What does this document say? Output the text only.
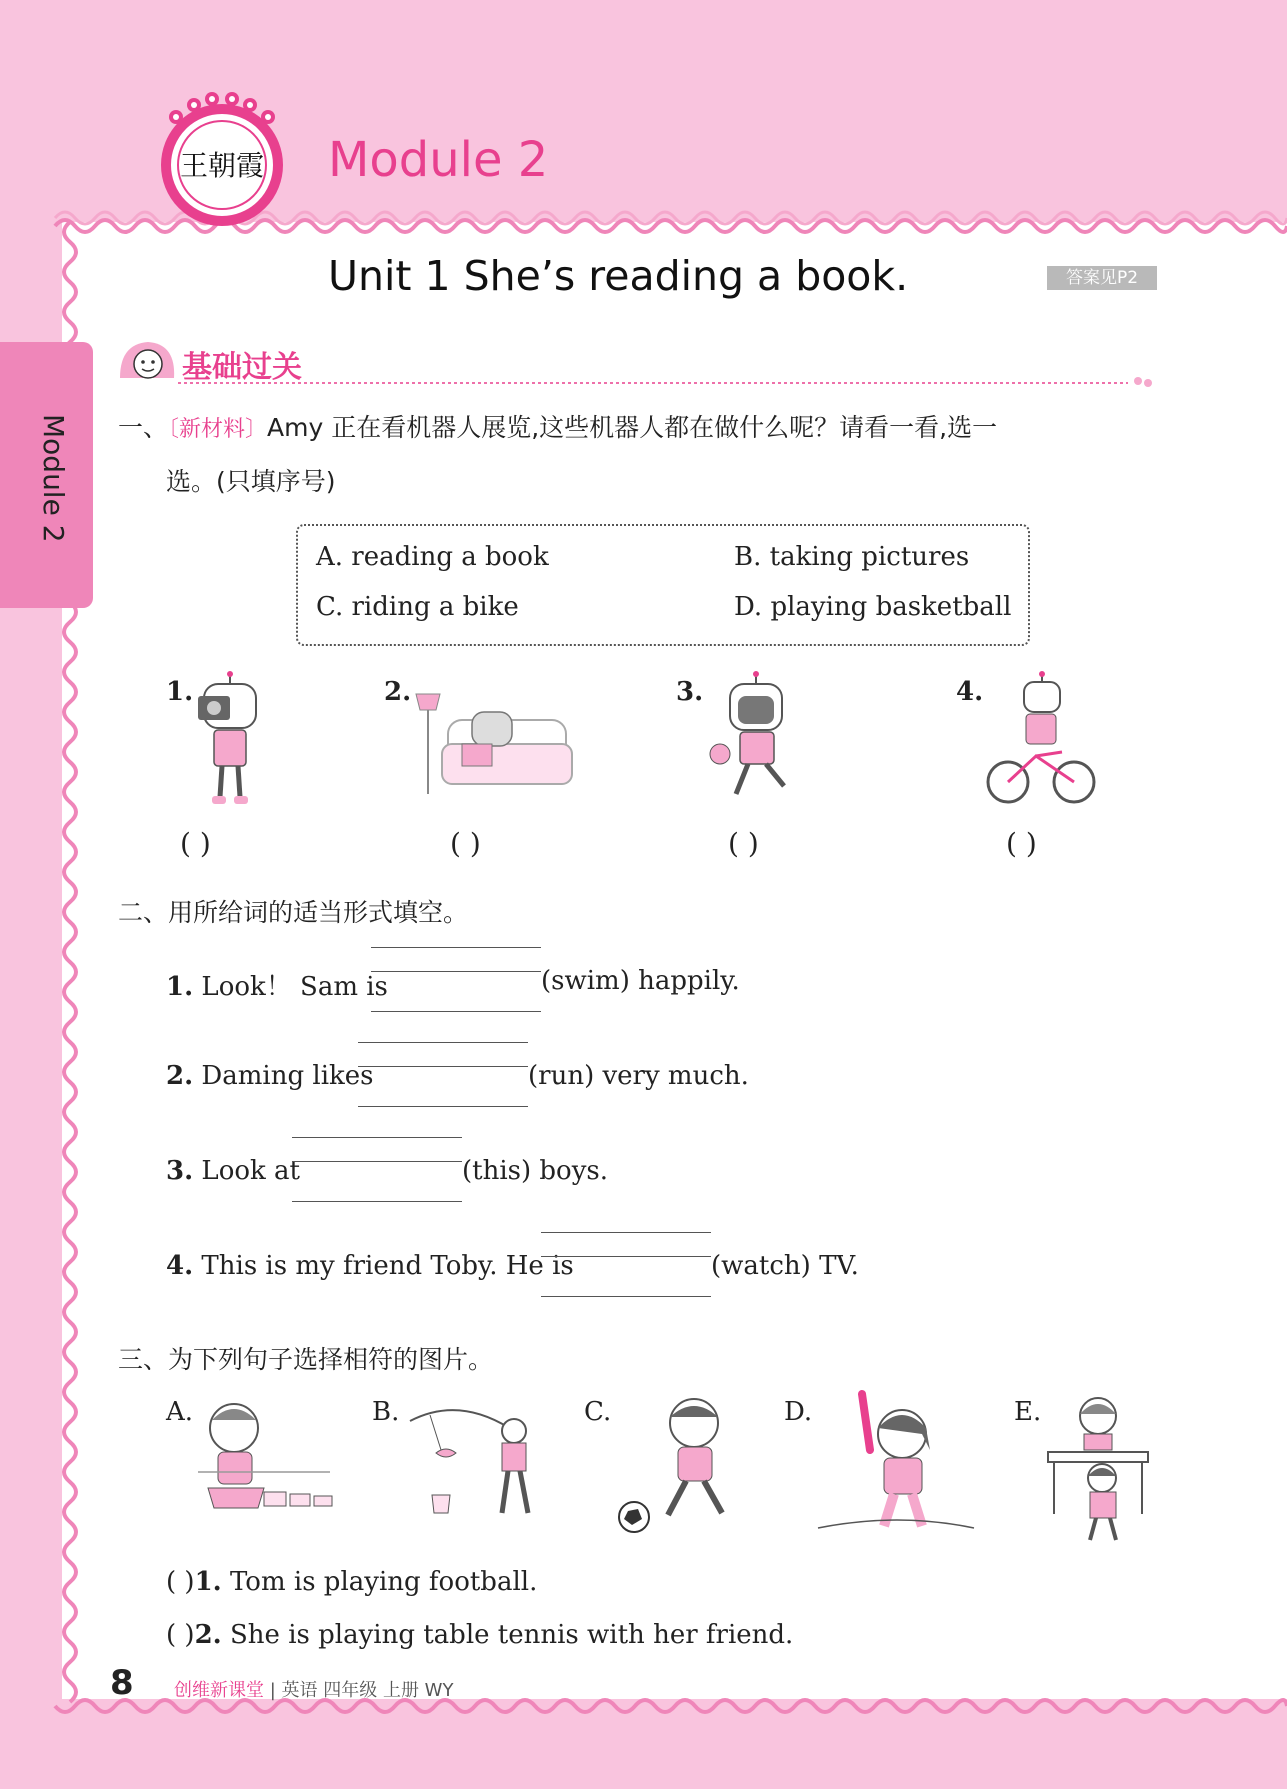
王朝霞 Module 2
Module 2
Unit 1 She’s reading a book.	答案见P2
基础过关
一、〔新材料〕Amy 正在看机器人展览,这些机器人都在做什么呢？请看一看,选一
选。(只填序号)
A. reading a book	B. taking pictures
C. riding a bike	D. playing basketball
1.	2.	3.	4.
( )	( )	( )	( )
二、用所给词的适当形式填空。
1. Look！ Sam is	(swim) happily.
2. Daming likes	(run) very much.
3. Look at	(this) boys.
4. This is my friend Toby. He is	(watch) TV.
三、为下列句子选择相符的图片。
A.	B.	C.	D.	E.
( )1. Tom is playing football.
( )2. She is playing table tennis with her friend.
8 创维新课堂 | 英语 四年级 上册 WY
